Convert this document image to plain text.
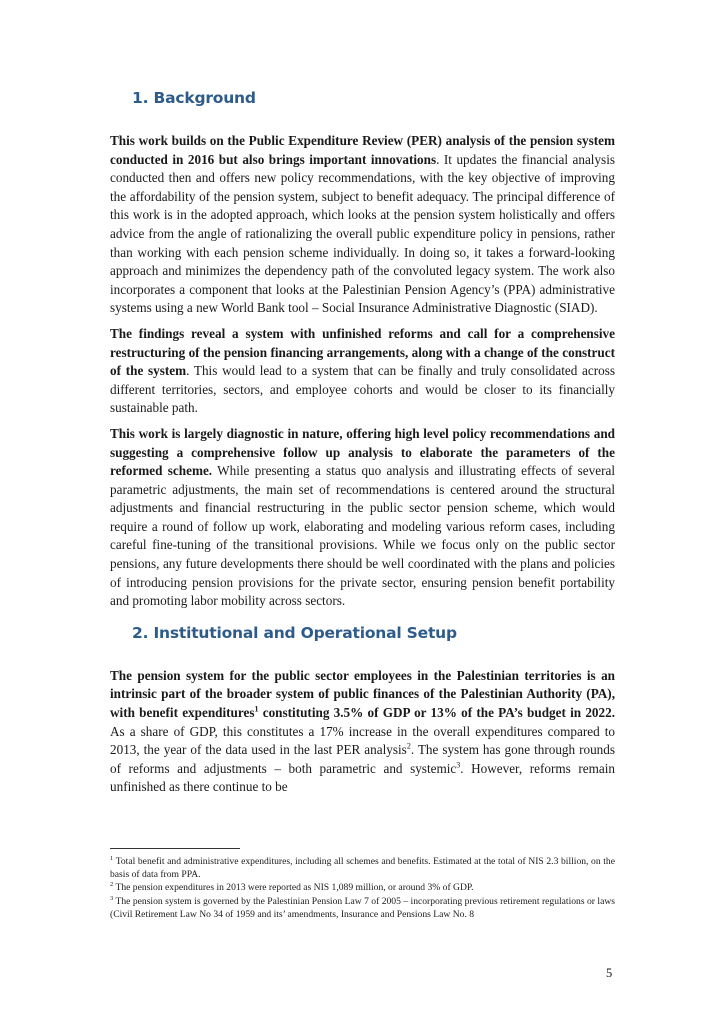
1. Background

This work builds on the Public Expenditure Review (PER) analysis of the pension system conducted in 2016 but also brings important innovations. It updates the financial analysis conducted then and offers new policy recommendations, with the key objective of improving the affordability of the pension system, subject to benefit adequacy. The principal difference of this work is in the adopted approach, which looks at the pension system holistically and offers advice from the angle of rationalizing the overall public expenditure policy in pensions, rather than working with each pension scheme individually. In doing so, it takes a forward-looking approach and minimizes the dependency path of the convoluted legacy system. The work also incorporates a component that looks at the Palestinian Pension Agency’s (PPA) administrative systems using a new World Bank tool – Social Insurance Administrative Diagnostic (SIAD).

The findings reveal a system with unfinished reforms and call for a comprehensive restructuring of the pension financing arrangements, along with a change of the construct of the system. This would lead to a system that can be finally and truly consolidated across different territories, sectors, and employee cohorts and would be closer to its financially sustainable path.

This work is largely diagnostic in nature, offering high level policy recommendations and suggesting a comprehensive follow up analysis to elaborate the parameters of the reformed scheme. While presenting a status quo analysis and illustrating effects of several parametric adjustments, the main set of recommendations is centered around the structural adjustments and financial restructuring in the public sector pension scheme, which would require a round of follow up work, elaborating and modeling various reform cases, including careful fine-tuning of the transitional provisions. While we focus only on the public sector pensions, any future developments there should be well coordinated with the plans and policies of introducing pension provisions for the private sector, ensuring pension benefit portability and promoting labor mobility across sectors.

2. Institutional and Operational Setup

The pension system for the public sector employees in the Palestinian territories is an intrinsic part of the broader system of public finances of the Palestinian Authority (PA), with benefit expenditures$^1$ constituting 3.5% of GDP or 13% of the PA’s budget in 2022. As a share of GDP, this constitutes a 17% increase in the overall expenditures compared to 2013, the year of the data used in the last PER analysis$^2$. The system has gone through rounds of reforms and adjustments – both parametric and systemic$^3$. However, reforms remain unfinished as there continue to be

$^1$ Total benefit and administrative expenditures, including all schemes and benefits. Estimated at the total of NIS 2.3 billion, on the basis of data from PPA.

$^2$ The pension expenditures in 2013 were reported as NIS 1,089 million, or around 3% of GDP.

$^3$ The pension system is governed by the Palestinian Pension Law 7 of 2005 – incorporating previous retirement regulations or laws (Civil Retirement Law No 34 of 1959 and its’ amendments, Insurance and Pensions Law No. 8

5
